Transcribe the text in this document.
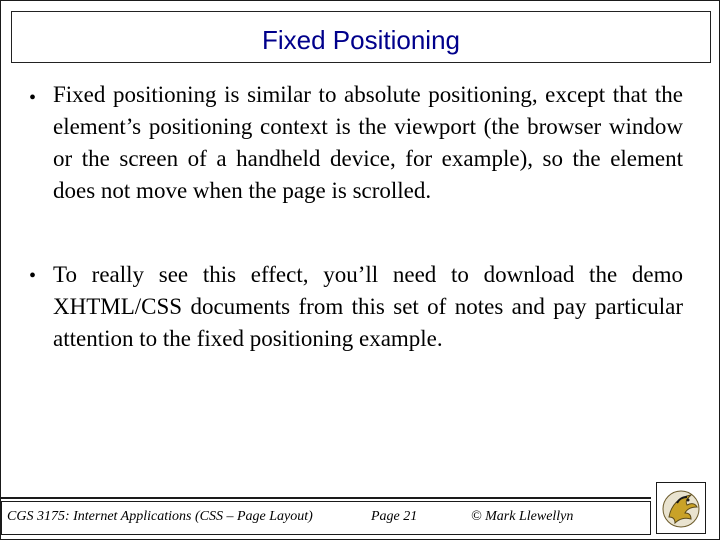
Fixed Positioning
• Fixed positioning is similar to absolute positioning, except that the element’s positioning context is the viewport (the browser window or the screen of a handheld device, for example), so the element does not move when the page is scrolled.
• To really see this effect, you’ll need to download the demo XHTML/CSS documents from this set of notes and pay particular attention to the fixed positioning example.
CGS 3175: Internet Applications (CSS – Page Layout)	Page 21	© Mark Llewellyn
